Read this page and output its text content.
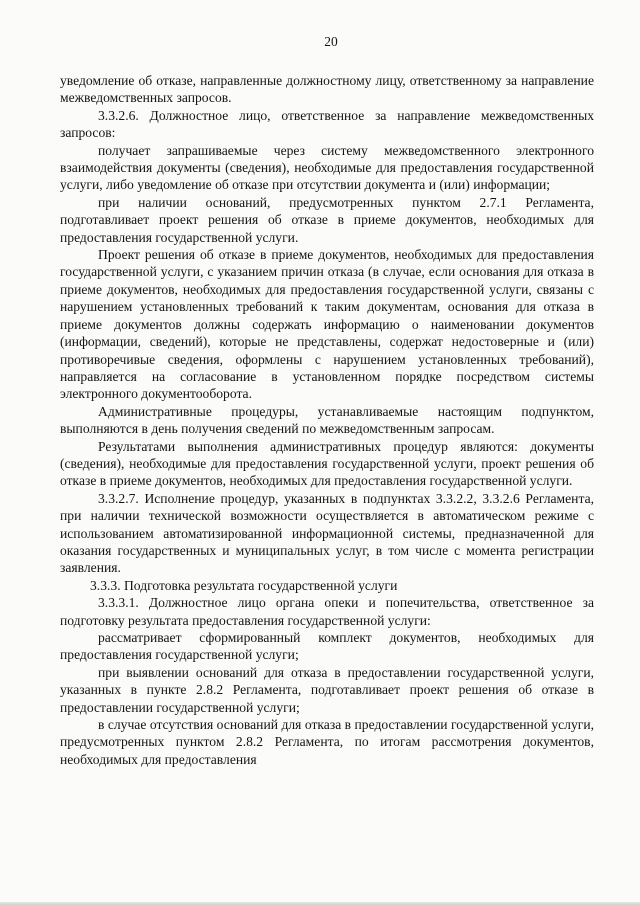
20

уведомление об отказе, направленные должностному лицу, ответственному за направление межведомственных запросов.

3.3.2.6. Должностное лицо, ответственное за направление межведомственных запросов:

получает запрашиваемые через систему межведомственного электронного взаимодействия документы (сведения), необходимые для предоставления государственной услуги, либо уведомление об отказе при отсутствии документа и (или) информации;

при наличии оснований, предусмотренных пунктом 2.7.1 Регламента, подготавливает проект решения об отказе в приеме документов, необходимых для предоставления государственной услуги.

Проект решения об отказе в приеме документов, необходимых для предоставления государственной услуги, с указанием причин отказа (в случае, если основания для отказа в приеме документов, необходимых для предоставления государственной услуги, связаны с нарушением установленных требований к таким документам, основания для отказа в приеме документов должны содержать информацию о наименовании документов (информации, сведений), которые не представлены, содержат недостоверные и (или) противоречивые сведения, оформлены с нарушением установленных требований), направляется на согласование в установленном порядке посредством системы электронного документооборота.

Административные процедуры, устанавливаемые настоящим подпунктом, выполняются в день получения сведений по межведомственным запросам.

Результатами выполнения административных процедур являются: документы (сведения), необходимые для предоставления государственной услуги, проект решения об отказе в приеме документов, необходимых для предоставления государственной услуги.

3.3.2.7. Исполнение процедур, указанных в подпунктах 3.3.2.2, 3.3.2.6 Регламента, при наличии технической возможности осуществляется в автоматическом режиме с использованием автоматизированной информационной системы, предназначенной для оказания государственных и муниципальных услуг, в том числе с момента регистрации заявления.

3.3.3. Подготовка результата государственной услуги

3.3.3.1. Должностное лицо органа опеки и попечительства, ответственное за подготовку результата предоставления государственной услуги:

рассматривает сформированный комплект документов, необходимых для предоставления государственной услуги;

при выявлении оснований для отказа в предоставлении государственной услуги, указанных в пункте 2.8.2 Регламента, подготавливает проект решения об отказе в предоставлении государственной услуги;

в случае отсутствия оснований для отказа в предоставлении государственной услуги, предусмотренных пунктом 2.8.2 Регламента, по итогам рассмотрения документов, необходимых для предоставления
